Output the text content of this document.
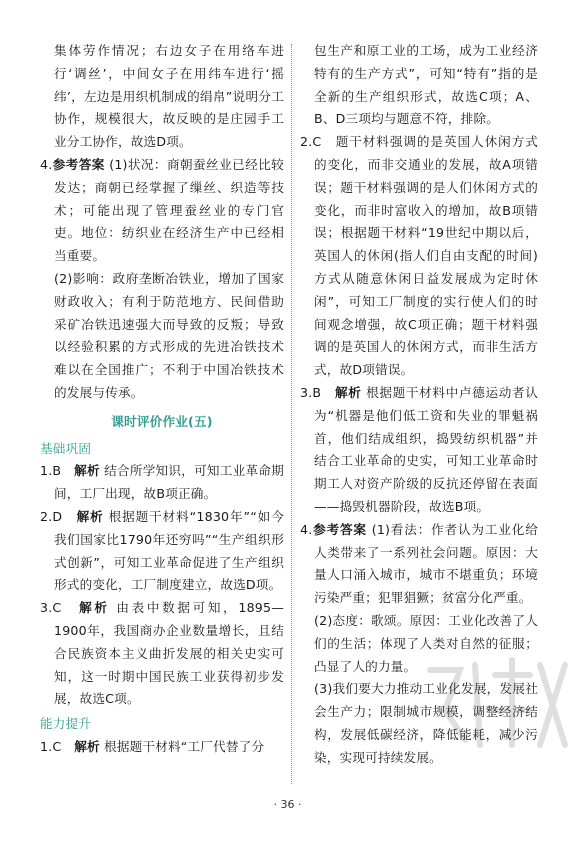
集体劳作情况；右边女子在用络车进行‘调丝’，中间女子在用纬车进行‘摇纬’，左边是用织机制成的绢帛”说明分工协作，规模很大，故反映的是庄园手工业分工协作，故选D项。

4.参考答案 (1)状况：商朝蚕丝业已经比较发达；商朝已经掌握了缫丝、织造等技术；可能出现了管理蚕丝业的专门官吏。地位：纺织业在经济生产中已经相当重要。

(2)影响：政府垄断冶铁业，增加了国家财政收入；有利于防范地方、民间借助采矿冶铁迅速强大而导致的反叛；导致以经验积累的方式形成的先进冶铁技术难以在全国推广；不利于中国冶铁技术的发展与传承。

课时评价作业(五)
基础巩固

1.B　 解析 结合所学知识，可知工业革命期间，工厂出现，故B项正确。

2.D　 解析 根据题干材料“1830年”“如今我们国家比1790年还穷吗”“生产组织形式创新”，可知工业革命促进了生产组织形式的变化，工厂制度建立，故选D项。

3.C　 解析 由表中数据可知，1895—1900年，我国商办企业数量增长，且结合民族资本主义曲折发展的相关史实可知，这一时期中国民族工业获得初步发展，故选C项。

能力提升

1.C　 解析 根据题干材料“工厂代替了分

包生产和原工业的工场，成为工业经济特有的生产方式”，可知“特有”指的是全新的生产组织形式，故选C项；A、B、D三项均与题意不符，排除。

2.C　 题干材料强调的是英国人休闲方式的变化，而非交通业的发展，故A项错误；题干材料强调的是人们休闲方式的变化，而非时富收入的增加，故B项错误；根据题干材料“19世纪中期以后，英国人的休闲(指人们自由支配的时间)方式从随意休闲日益发展成为定时休闲”，可知工厂制度的实行使人们的时间观念增强，故C项正确；题干材料强调的是英国人的休闲方式，而非生活方式，故D项错误。

3.B　 解析 根据题干材料中卢德运动者认为“机器是他们低工资和失业的罪魁祸首，他们结成组织，捣毁纺织机器”并结合工业革命的史实，可知工业革命时期工人对资产阶级的反抗还停留在表面——捣毁机器阶段，故选B项。

4.参考答案 (1)看法：作者认为工业化给人类带来了一系列社会问题。原因：大量人口涌入城市，城市不堪重负；环境污染严重；犯罪猖獗；贫富分化严重。

(2)态度：歌颂。原因：工业化改善了人们的生活；体现了人类对自然的征服；凸显了人的力量。

(3)我们要大力推动工业化发展，发展社会生产力；限制城市规模，调整经济结构，发展低碳经济，降低能耗，减少污染，实现可持续发展。

· 36 ·
